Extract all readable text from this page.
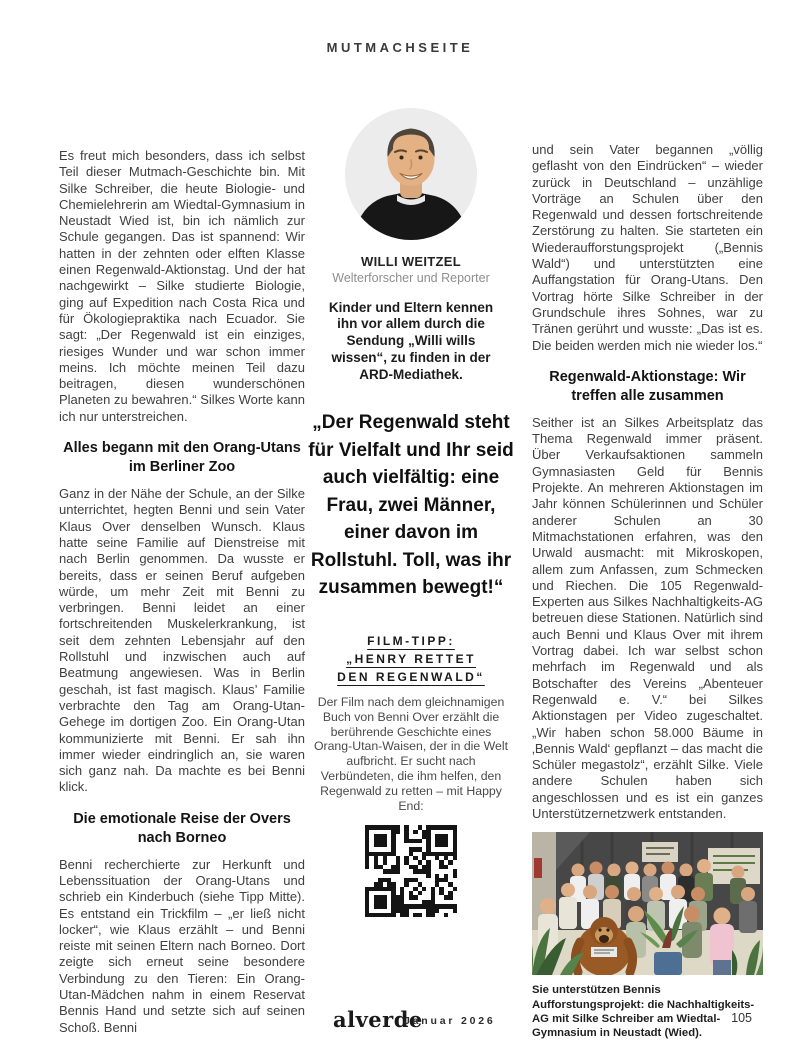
MUTMACHSEITE

Es freut mich besonders, dass ich selbst Teil dieser Mutmach-Geschichte bin. Mit Silke Schreiber, die heute Biologie- und Chemielehrerin am Wiedtal-Gymnasium in Neustadt Wied ist, bin ich nämlich zur Schule gegangen. Das ist spannend: Wir hatten in der zehnten oder elften Klasse einen Regenwald-Aktionstag. Und der hat nachgewirkt – Silke studierte Biologie, ging auf Expedition nach Costa Rica und für Ökologiepraktika nach Ecuador. Sie sagt: „Der Regenwald ist ein einziges, riesiges Wunder und war schon immer meins. Ich möchte meinen Teil dazu beitragen, diesen wunderschönen Planeten zu bewahren.“ Silkes Worte kann ich nur unterstreichen.

Alles begann mit den Orang-Utans im Berliner Zoo

Ganz in der Nähe der Schule, an der Silke unterrichtet, hegten Benni und sein Vater Klaus Over denselben Wunsch. Klaus hatte seine Familie auf Dienstreise mit nach Berlin genommen. Da wusste er bereits, dass er seinen Beruf aufgeben würde, um mehr Zeit mit Benni zu verbringen. Benni leidet an einer fortschreitenden Muskelerkrankung, ist seit dem zehnten Lebensjahr auf den Rollstuhl und inzwischen auch auf Beatmung angewiesen. Was in Berlin geschah, ist fast magisch. Klaus’ Familie verbrachte den Tag am Orang-Utan-Gehege im dortigen Zoo. Ein Orang-Utan kommunizierte mit Benni. Er sah ihn immer wieder eindringlich an, sie waren sich ganz nah. Da machte es bei Benni klick.

Die emotionale Reise der Overs nach Borneo

Benni recherchierte zur Herkunft und Lebenssituation der Orang-Utans und schrieb ein Kinderbuch (siehe Tipp Mitte). Es entstand ein Trickfilm – „er ließ nicht locker“, wie Klaus erzählt – und Benni reiste mit seinen Eltern nach Borneo. Dort zeigte sich erneut seine besondere Verbindung zu den Tieren: Ein Orang-Utan-Mädchen nahm in einem Reservat Bennis Hand und setzte sich auf seinen Schoß. Benni

WILLI WEITZEL
Welterforscher und Reporter
Kinder und Eltern kennen ihn vor allem durch die Sendung „Willi wills wissen“, zu finden in der ARD-Mediathek.
„Der Regenwald steht für Vielfalt und Ihr seid auch vielfältig: eine Frau, zwei Männer, einer davon im Rollstuhl. Toll, was ihr zusammen bewegt!“
FILM-TIPP:
„HENRY RETTET
DEN REGENWALD“
Der Film nach dem gleichnamigen Buch von Benni Over erzählt die berührende Geschichte eines Orang-Utan-Waisen, der in die Welt aufbricht. Er sucht nach Verbündeten, die ihm helfen, den Regenwald zu retten – mit Happy End:

und sein Vater begannen „völlig geflasht von den Eindrücken“ – wieder zurück in Deutschland – unzählige Vorträge an Schulen über den Regenwald und dessen fortschreitende Zerstörung zu halten. Sie starteten ein Wiederaufforstungsprojekt („Bennis Wald“) und unterstützten eine Auffangstation für Orang-Utans. Den Vortrag hörte Silke Schreiber in der Grundschule ihres Sohnes, war zu Tränen gerührt und wusste: „Das ist es. Die beiden werden mich nie wieder los.“

Regenwald-Aktionstage: Wir treffen alle zusammen

Seither ist an Silkes Arbeitsplatz das Thema Regenwald immer präsent. Über Verkaufsaktionen sammeln Gymnasiasten Geld für Bennis Projekte. An mehreren Aktionstagen im Jahr können Schülerinnen und Schüler anderer Schulen an 30 Mitmachstationen erfahren, was den Urwald ausmacht: mit Mikroskopen, allem zum Anfassen, zum Schmecken und Riechen. Die 105 Regenwald-Experten aus Silkes Nachhaltigkeits-AG betreuen diese Stationen. Natürlich sind auch Benni und Klaus Over mit ihrem Vortrag dabei. Ich war selbst schon mehrfach im Regenwald und als Botschafter des Vereins „Abenteuer Regenwald e. V.“ bei Silkes Aktionstagen per Video zugeschaltet. „Wir haben schon 58.000 Bäume in ‚Bennis Wald‘ gepflanzt – das macht die Schüler megastolz“, erzählt Silke. Viele andere Schulen haben sich angeschlossen und es ist ein ganzes Unterstützernetzwerk entstanden.

Sie unterstützen Bennis Aufforstungsprojekt: die Nachhaltigkeits-AG mit Silke Schreiber am Wiedtal-Gymnasium in Neustadt (Wied).
alverde
Januar 2026	105
